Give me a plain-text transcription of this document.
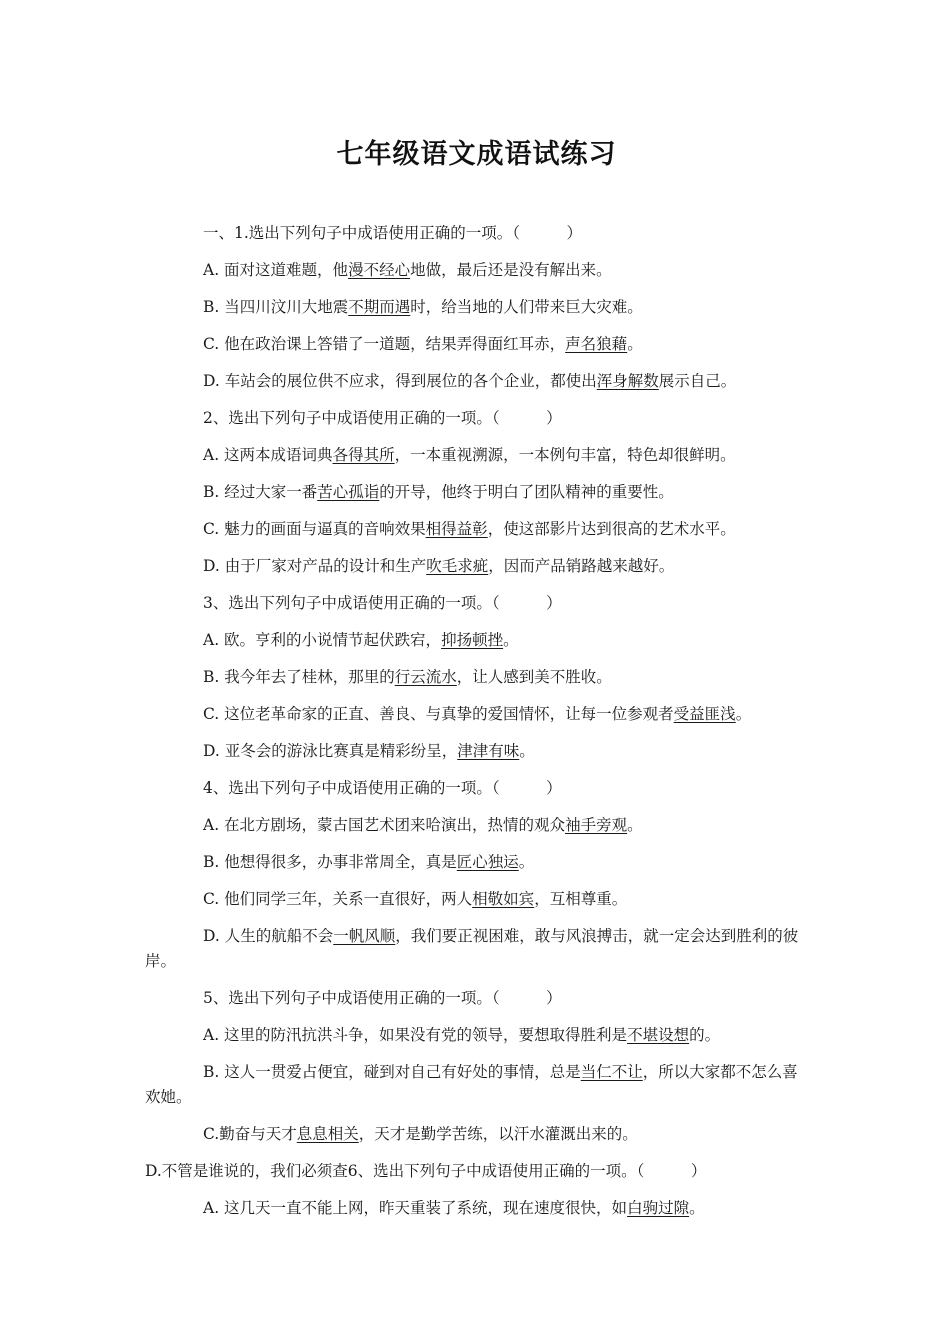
七年级语文成语试练习

一、1.选出下列句子中成语使用正确的一项。（　　　）

A. 面对这道难题，他漫不经心地做，最后还是没有解出来。

B. 当四川汶川大地震不期而遇时，给当地的人们带来巨大灾难。

C. 他在政治课上答错了一道题，结果弄得面红耳赤，声名狼藉。

D. 车站会的展位供不应求，得到展位的各个企业，都使出浑身解数展示自己。

2、选出下列句子中成语使用正确的一项。（　　　）

A. 这两本成语词典各得其所，一本重视溯源，一本例句丰富，特色却很鲜明。

B. 经过大家一番苦心孤诣的开导，他终于明白了团队精神的重要性。

C. 魅力的画面与逼真的音响效果相得益彰，使这部影片达到很高的艺术水平。

D. 由于厂家对产品的设计和生产吹毛求疵，因而产品销路越来越好。

3、选出下列句子中成语使用正确的一项。（　　　）

A. 欧。亨利的小说情节起伏跌宕，抑扬顿挫。

B. 我今年去了桂林，那里的行云流水，让人感到美不胜收。

C. 这位老革命家的正直、善良、与真挚的爱国情怀，让每一位参观者受益匪浅。

D. 亚冬会的游泳比赛真是精彩纷呈，津津有味。

4、选出下列句子中成语使用正确的一项。（　　　）

A. 在北方剧场，蒙古国艺术团来哈演出，热情的观众袖手旁观。

B. 他想得很多，办事非常周全，真是匠心独运。

C. 他们同学三年，关系一直很好，两人相敬如宾，互相尊重。

D. 人生的航船不会一帆风顺，我们要正视困难，敢与风浪搏击，就一定会达到胜利的彼岸。

5、选出下列句子中成语使用正确的一项。（　　　）

A. 这里的防汛抗洪斗争，如果没有党的领导，要想取得胜利是不堪设想的。

B. 这人一贯爱占便宜，碰到对自己有好处的事情，总是当仁不让，所以大家都不怎么喜欢她。

C.勤奋与天才息息相关，天才是勤学苦练，以汗水灌溉出来的。

D.不管是谁说的，我们必须查6、选出下列句子中成语使用正确的一项。（　　　）

A. 这几天一直不能上网，昨天重装了系统，现在速度很快，如白驹过隙。
